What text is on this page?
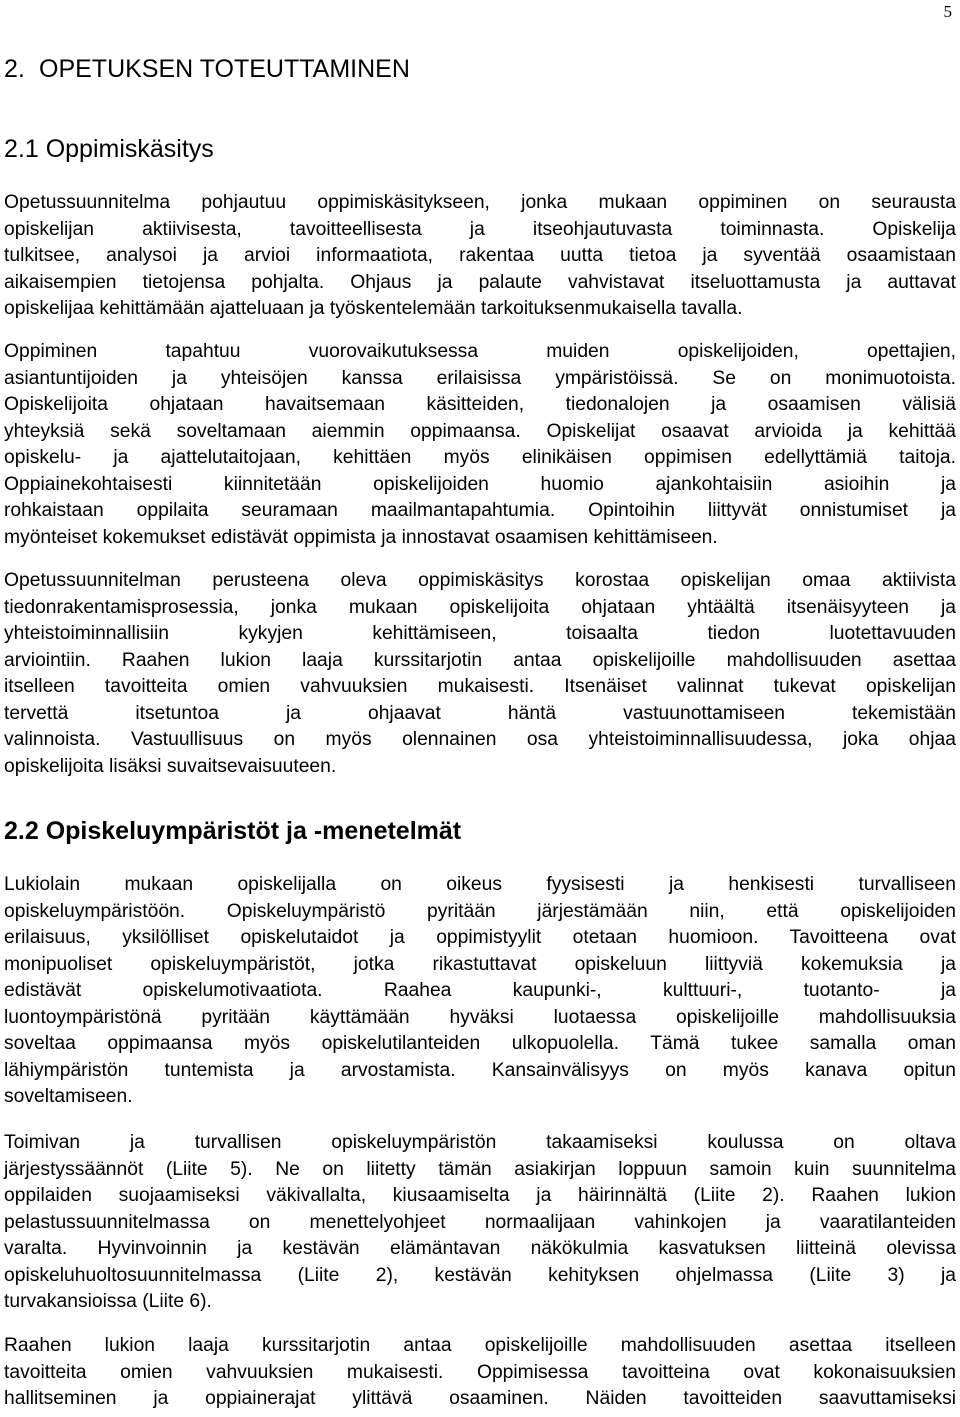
5
2. OPETUKSEN TOTEUTTAMINEN
2.1 Oppimiskäsitys

Opetussuunnitelma pohjautuu oppimiskäsitykseen, jonka mukaan oppiminen on seurausta
opiskelijan aktiivisesta, tavoitteellisesta ja itseohjautuvasta toiminnasta. Opiskelija
tulkitsee, analysoi ja arvioi informaatiota, rakentaa uutta tietoa ja syventää osaamistaan
aikaisempien tietojensa pohjalta. Ohjaus ja palaute vahvistavat itseluottamusta ja auttavat
opiskelijaa kehittämään ajatteluaan ja työskentelemään tarkoituksenmukaisella tavalla.

Oppiminen tapahtuu vuorovaikutuksessa muiden opiskelijoiden, opettajien,
asiantuntijoiden ja yhteisöjen kanssa erilaisissa ympäristöissä. Se on monimuotoista.
Opiskelijoita ohjataan havaitsemaan käsitteiden, tiedonalojen ja osaamisen välisiä
yhteyksiä sekä soveltamaan aiemmin oppimaansa. Opiskelijat osaavat arvioida ja kehittää
opiskelu- ja ajattelutaitojaan, kehittäen myös elinikäisen oppimisen edellyttämiä taitoja.
Oppiainekohtaisesti kiinnitetään opiskelijoiden huomio ajankohtaisiin asioihin ja
rohkaistaan oppilaita seuramaan maailmantapahtumia. Opintoihin liittyvät onnistumiset ja
myönteiset kokemukset edistävät oppimista ja innostavat osaamisen kehittämiseen.

Opetussuunnitelman perusteena oleva oppimiskäsitys korostaa opiskelijan omaa aktiivista
tiedonrakentamisprosessia, jonka mukaan opiskelijoita ohjataan yhtäältä itsenäisyyteen ja
yhteistoiminnallisiin kykyjen kehittämiseen, toisaalta tiedon luotettavuuden
arviointiin. Raahen lukion laaja kurssitarjotin antaa opiskelijoille mahdollisuuden asettaa
itselleen tavoitteita omien vahvuuksien mukaisesti. Itsenäiset valinnat tukevat opiskelijan
tervettä itsetuntoa ja ohjaavat häntä vastuunottamiseen tekemistään
valinnoista. Vastuullisuus on myös olennainen osa yhteistoiminnallisuudessa, joka ohjaa
opiskelijoita lisäksi suvaitsevaisuuteen.

2.2 Opiskeluympäristöt ja -menetelmät

Lukiolain mukaan opiskelijalla on oikeus fyysisesti ja henkisesti turvalliseen
opiskeluympäristöön. Opiskeluympäristö pyritään järjestämään niin, että opiskelijoiden
erilaisuus, yksilölliset opiskelutaidot ja oppimistyylit otetaan huomioon. Tavoitteena ovat
monipuoliset opiskeluympäristöt, jotka rikastuttavat opiskeluun liittyviä kokemuksia ja
edistävät opiskelumotivaatiota. Raahea kaupunki-, kulttuuri-, tuotanto- ja
luontoympäristönä pyritään käyttämään hyväksi luotaessa opiskelijoille mahdollisuuksia
soveltaa oppimaansa myös opiskelutilanteiden ulkopuolella. Tämä tukee samalla oman
lähiympäristön tuntemista ja arvostamista. Kansainvälisyys on myös kanava opitun
soveltamiseen.

Toimivan ja turvallisen opiskeluympäristön takaamiseksi koulussa on oltava
järjestyssäännöt (Liite 5). Ne on liitetty tämän asiakirjan loppuun samoin kuin suunnitelma
oppilaiden suojaamiseksi väkivallalta, kiusaamiselta ja häirinnältä (Liite 2). Raahen lukion
pelastussuunnitelmassa on menettelyohjeet normaalijaan vahinkojen ja vaaratilanteiden
varalta. Hyvinvoinnin ja kestävän elämäntavan näkökulmia kasvatuksen liitteinä olevissa
opiskeluhuoltosuunnitelmassa (Liite 2), kestävän kehityksen ohjelmassa (Liite 3) ja
turvakansioissa (Liite 6).

Raahen lukion laaja kurssitarjotin antaa opiskelijoille mahdollisuuden asettaa itselleen
tavoitteita omien vahvuuksien mukaisesti. Oppimisessa tavoitteina ovat kokonaisuuksien
hallitseminen ja oppiainerajat ylittävä osaaminen. Näiden tavoitteiden saavuttamiseksi
